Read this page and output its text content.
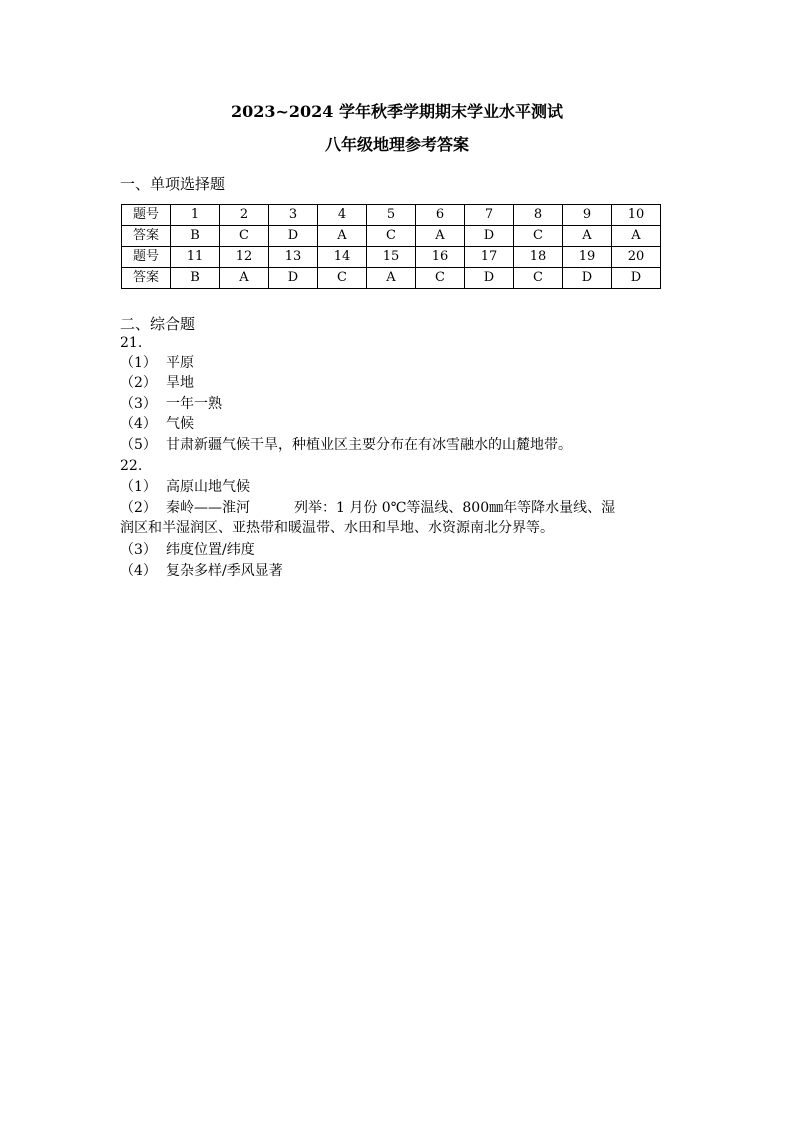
2023~2024 学年秋季学期期末学业水平测试
八年级地理参考答案
一、单项选择题
题号	1	2	3	4	5	6	7	8	9	10
答案	B	C	D	A	C	A	D	C	A	A
题号	11	12	13	14	15	16	17	18	19	20
答案	B	A	D	C	A	C	D	C	D	D
二、综合题
21.
（1） 平原
（2） 旱地
（3） 一年一熟
（4） 气候
（5） 甘肃新疆气候干旱，种植业区主要分布在有冰雪融水的山麓地带。
22.
（1） 高原山地气候
（2） 秦岭——淮河	列举：1 月份 0℃等温线、800㎜年等降水量线、湿
润区和半湿润区、亚热带和暖温带、水田和旱地、水资源南北分界等。
（3） 纬度位置/纬度
（4） 复杂多样/季风显著
